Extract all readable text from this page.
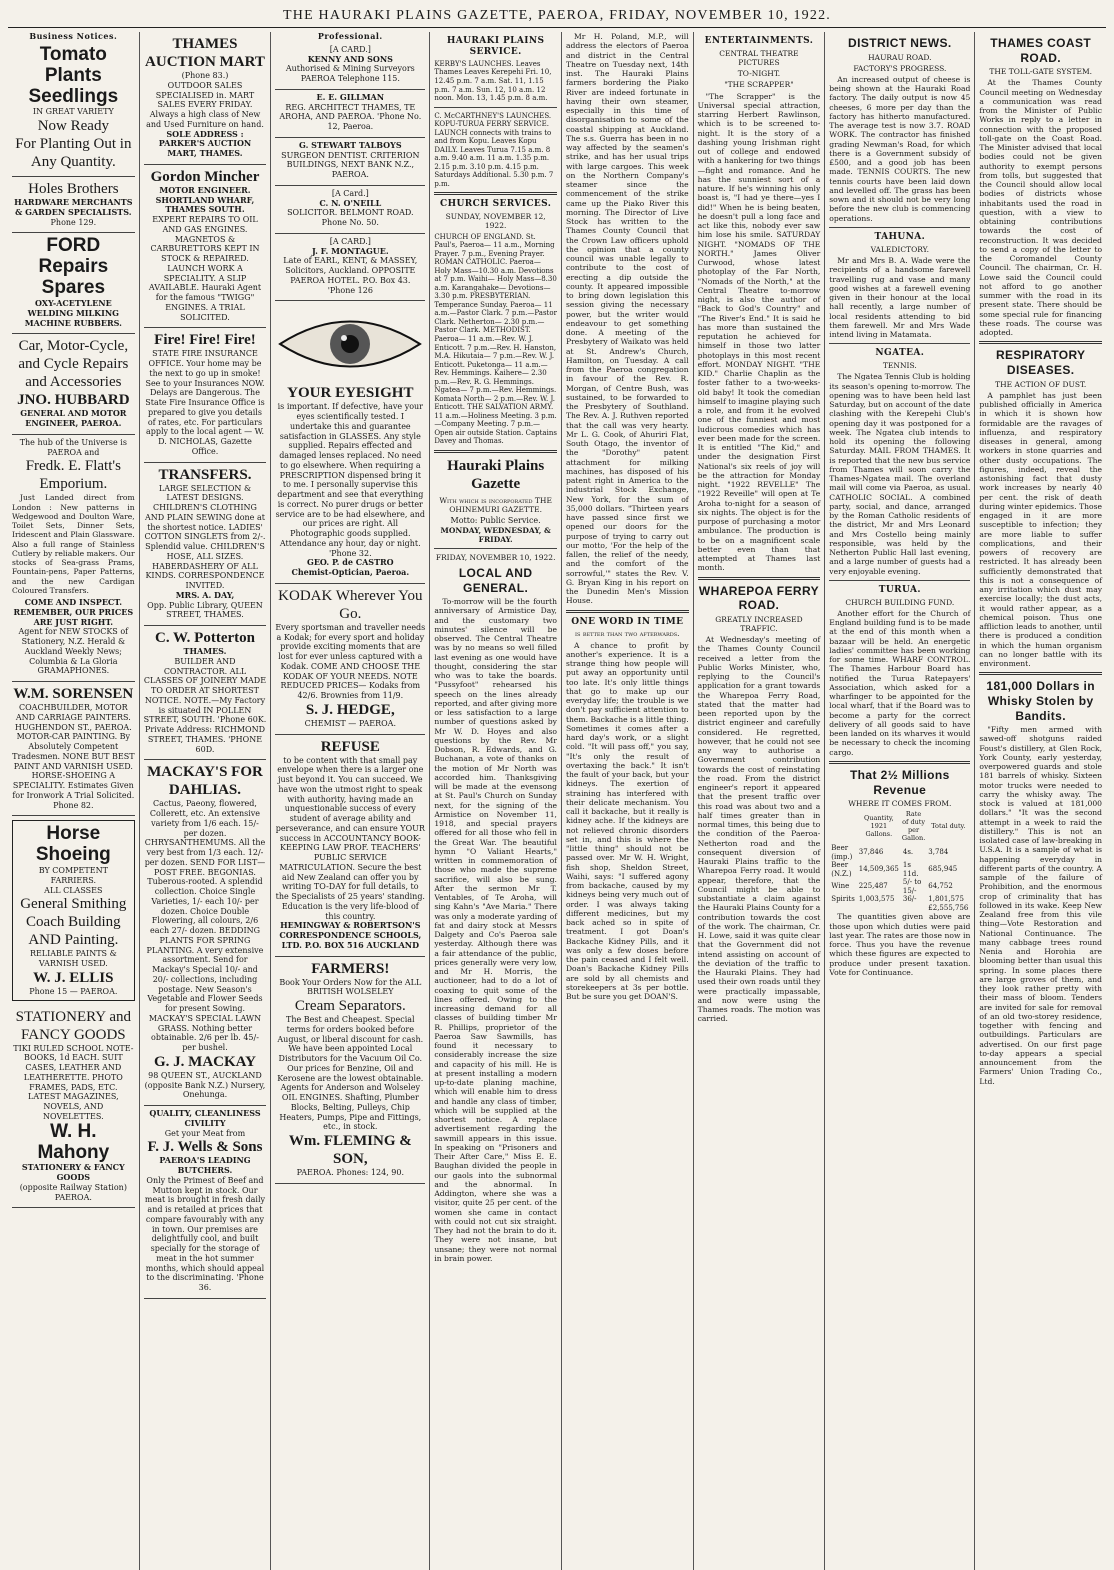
THE HAURAKI PLAINS GAZETTE, PAEROA, FRIDAY, NOVEMBER 10, 1922.
Business Notices.
Tomato Plants Seedlings
IN GREAT VARIETY
Now Ready
For Planting Out in Any Quantity.
Holes Brothers
HARDWARE MERCHANTS & GARDEN SPECIALISTS.
Phone 129.
FORD Repairs Spares
OXY-ACETYLENE WELDING MILKING MACHINE RUBBERS.
Car, Motor-Cycle, and Cycle Repairs and Accessories
JNO. HUBBARD
GENERAL AND MOTOR ENGINEER, PAEROA.
The hub of the Universe is PAEROA and
Fredk. E. Flatt's Emporium.

Just Landed direct from London : New patterns in Wedgewood and Doulton Ware, Toilet Sets, Dinner Sets, Iridescent and Plain Glassware. Also a full range of Stainless Cutlery by reliable makers. Our stocks of Sea-grass Prams, Fountain-pens, Paper Patterns, and the new Cardigan Coloured Transfers.

COME AND INSPECT. REMEMBER, OUR PRICES ARE JUST RIGHT.
Agent for NEW STOCKS of Stationery, N.Z. Herald & Auckland Weekly News; Columbia & La Gloria GRAMAPHONES.
W.M. SORENSEN
COACHBUILDER, MOTOR AND CARRIAGE PAINTERS. HUGHENDON ST., PAEROA.
MOTOR-CAR PAINTING. By Absolutely Competent Tradesmen. NONE BUT BEST PAINT AND VARNISH USED. HORSE-SHOEING A SPECIALITY. Estimates Given for Ironwork A Trial Solicited. Phone 82.
Horse Shoeing
BY COMPETENT FARRIERS.
ALL CLASSES
General Smithing
Coach Building AND Painting.
RELIABLE PAINTS & VARNISH USED.
W. J. ELLIS
Phone 15 — PAEROA.
STATIONERY and FANCY GOODS
TIKI RULED SCHOOL NOTE-BOOKS, 1d EACH. SUIT CASES, LEATHER AND LEATHERETTE. PHOTO FRAMES, PADS, ETC. LATEST MAGAZINES, NOVELS, AND NOVELETTES.
W. H. Mahony
STATIONERY & FANCY GOODS
(opposite Railway Station) PAEROA.
THAMES AUCTION MART
(Phone 83.)
OUTDOOR SALES SPECIALISED in. MART SALES EVERY FRIDAY. Always a high class of New and Used Furniture on hand.
SOLE ADDRESS : PARKER'S AUCTION MART, THAMES.
Gordon Mincher
MOTOR ENGINEER. SHORTLAND WHARF, THAMES SOUTH.
EXPERT REPAIRS TO OIL AND GAS ENGINES. MAGNETOS & CARBURETTORS KEPT IN STOCK & REPAIRED. LAUNCH WORK A SPECIALITY. A SLIP AVAILABLE. Hauraki Agent for the famous "TWIGG" ENGINES. A TRIAL SOLICITED.
Fire! Fire! Fire!
STATE FIRE INSURANCE OFFICE. Your home may be the next to go up in smoke! See to your Insurances NOW. Delays are Dangerous. The State Fire Insurance Office is prepared to give you details of rates, etc. For particulars apply to the local agent — W. D. NICHOLAS, Gazette Office.
TRANSFERS.
LARGE SELECTION & LATEST DESIGNS. CHILDREN'S CLOTHING AND PLAIN SEWING done at the shortest notice. LADIES' COTTON SINGLETS from 2/-. Splendid value. CHILDREN'S HOSE, ALL SIZES. HABERDASHERY OF ALL KINDS. CORRESPONDENCE INVITED.
MRS. A. DAY,
Opp. Public Library, QUEEN STREET, THAMES.
C. W. Potterton
THAMES.
BUILDER AND CONTRACTOR. ALL CLASSES OF JOINERY MADE TO ORDER AT SHORTEST NOTICE. NOTE.—My Factory is situated IN POLLEN STREET, SOUTH. 'Phone 60K. Private Address: RICHMOND STREET, THAMES. 'PHONE 60D.
MACKAY'S FOR DAHLIAS.
Cactus, Paeony, flowered, Collerett, etc. An extensive variety from 1/6 each. 15/- per dozen. CHRYSANTHEMUMS. All the very best from 1/3 each. 12/- per dozen. SEND FOR LIST—POST FREE. BEGONIAS. Tuberous-rooted. A splendid collection. Choice Single Varieties, 1/- each 10/- per dozen. Choice Double Flowering, all colours, 2/6 each 27/- dozen. BEDDING PLANTS FOR SPRING PLANTING. A very extensive assortment. Send for Mackay's Special 10/- and 20/- collections, including postage. New Season's Vegetable and Flower Seeds for present Sowing. MACKAY'S SPECIAL LAWN GRASS. Nothing better obtainable. 2/6 per lb. 45/- per bushel.
G. J. MACKAY
98 QUEEN ST., AUCKLAND (opposite Bank N.Z.) Nursery, Onehunga.
QUALITY, CLEANLINESS CIVILITY
Get your Meat from
F. J. Wells & Sons
PAEROA'S LEADING BUTCHERS.
Only the Primest of Beef and Mutton kept in stock. Our meat is brought in fresh daily and is retailed at prices that compare favourably with any in town. Our premises are delightfully cool, and built specially for the storage of meat in the hot summer months, which should appeal to the discriminating. 'Phone 36.
Professional.
[A CARD.]
KENNY AND SONS
Authorised & Mining Surveyors PAEROA Telephone 115.
E. E. GILLMAN
REG. ARCHITECT THAMES, TE AROHA, AND PAEROA. 'Phone No. 12, Paeroa.
G. STEWART TALBOYS
SURGEON DENTIST. CRITERION BUILDINGS, NEXT BANK N.Z., PAEROA.
[A Card.]
C. N. O'NEILL
SOLICITOR. BELMONT ROAD. Phone No. 50.
[A CARD.]
J. F. MONTAGUE.
Late of EARL, KENT, & MASSEY, Solicitors, Auckland. OPPOSITE PAEROA HOTEL. P.O. Box 43. 'Phone 126
YOUR EYESIGHT
is important. If defective, have your eyes scientifically tested. I undertake this and guarantee satisfaction in GLASSES. Any style supplied. Repairs effected and damaged lenses replaced. No need to go elsewhere. When requiring a PRESCRIPTION dispensed bring it to me. I personally supervise this department and see that everything is correct. No purer drugs or better service are to be had elsewhere, and our prices are right. All Photographic goods supplied. Attendance any hour, day or night. 'Phone 32.
GEO. P. de CASTRO
Chemist-Optician, Paeroa.
KODAK Wherever You Go.
Every sportsman and traveller needs a Kodak; for every sport and holiday provide exciting moments that are lost for ever unless captured with a Kodak. COME AND CHOOSE THE KODAK OF YOUR NEEDS. NOTE REDUCED PRICES— Kodaks from 42/6. Brownies from 11/9.
S. J. HEDGE,
CHEMIST — PAEROA.
REFUSE
to be content with that small pay envelope when there is a larger one just beyond it. You can succeed. We have won the utmost right to speak with authority, having made an unquestionable success of every student of average ability and perseverance, and can ensure YOUR success in ACCOUNTANCY BOOK-KEEPING LAW PROF. TEACHERS' PUBLIC SERVICE MATRICULATION. Secure the best aid New Zealand can offer you by writing TO-DAY for full details, to the Specialists of 25 years' standing. Education is the very life-blood of this country.
HEMINGWAY & ROBERTSON'S CORRESPONDENCE SCHOOLS, LTD. P.O. BOX 516 AUCKLAND
FARMERS!
Book Your Orders Now for the ALL BRITISH WOLSELEY
Cream Separators.
The Best and Cheapest. Special terms for orders booked before August, or liberal discount for cash. We have been appointed Local Distributors for the Vacuum Oil Co. Our prices for Benzine, Oil and Kerosene are the lowest obtainable. Agents for Anderson and Wolseley OIL ENGINES. Shafting, Plumber Blocks, Belting, Pulleys, Chip Heaters, Pumps, Pipe and Fittings, etc., in stock.
Wm. FLEMING & SON,
PAEROA. Phones: 124, 90.
HAURAKI PLAINS SERVICE.
KERBY'S LAUNCHES. Leaves Thames Leaves Kerepehi Fri. 10, 12.45 p.m. 7 a.m. Sat. 11, 1.15 p.m. 7 a.m. Sun. 12, 10 a.m. 12 noon. Mon. 13, 1.45 p.m. 8 a.m.
C. McCARTHNEY'S LAUNCHES. KOPU-TURUA FERRY SERVICE. LAUNCH connects with trains to and from Kopu. Leaves Kopu DAILY. Leaves Turua 7.15 a.m. 8 a.m. 9.40 a.m. 11 a.m. 1.35 p.m. 2.15 p.m. 3.10 p.m. 4.15 p.m. Saturdays Additional. 5.30 p.m. 7 p.m.
CHURCH SERVICES.
SUNDAY, NOVEMBER 12, 1922.
CHURCH OF ENGLAND. St. Paul's, Paeroa— 11 a.m., Morning Prayer. 7 p.m., Evening Prayer. ROMAN CATHOLIC. Paeroa— Holy Mass—10.30 a.m. Devotions at 7 p.m. Waihi— Holy Mass—8.30 a.m. Karangahake— Devotions—3.30 p.m. PRESBYTERIAN. Temperance Sunday. Paeroa— 11 a.m.—Pastor Clark. 7 p.m.—Pastor Clark. Netherton— 2.30 p.m.—Pastor Clark. METHODIST. Paeroa— 11 a.m.—Rev. W. J. Enticott. 7 p.m.—Rev. H. Hanston, M.A. Hikutaia— 7 p.m.—Rev. W. J. Enticott. Puketonga— 11 a.m.—Rev. Hemmings. Kaihere— 2.30 p.m.—Rev. R. G. Hemmings. Ngatea— 7 p.m.—Rev. Hemmings. Komata North— 2 p.m.—Rev. W. J. Enticott. THE SALVATION ARMY. 11 a.m.—Holiness Meeting. 3 p.m.—Company Meeting. 7 p.m.—Open air outside Station. Captains Davey and Thomas.
Hauraki Plains Gazette
With which is incorporated THE OHINEMURI GAZETTE.
Motto: Public Service.
MONDAY, WEDNESDAY, & FRIDAY.
FRIDAY, NOVEMBER 10, 1922.
LOCAL AND GENERAL.

To-morrow will be the fourth anniversary of Armistice Day, and the customary two minutes' silence will be observed. The Central Theatre was by no means so well filled last evening as one would have thought, considering the star who was to take the boards. "Pussyfoot" rehearsed his speech on the lines already reported, and after giving more or less satisfaction to a large number of questions asked by Mr W. D. Hoyes and also questions by the Rev. Mr Dobson, R. Edwards, and G. Buchanan, a vote of thanks on the motion of Mr North was accorded him. Thanksgiving will be made at the evensong at St. Paul's Church on Sunday next, for the signing of the Armistice on November 11, 1918, and special prayers offered for all those who fell in the Great War. The beautiful hymn "O Valiant Hearts," written in commemoration of those who made the supreme sacrifice, will also be sung. After the sermon Mr T. Ventables, of Te Aroha, will sing Kahn's "Ave Maria." There was only a moderate yarding of fat and dairy stock at Messrs Dalgety and Co's Paeroa sale yesterday. Although there was a fair attendance of the public, prices generally were very low, and Mr H. Morris, the auctioneer, had to do a lot of coaxing to quit some of the lines offered. Owing to the increasing demand for all classes of building timber Mr R. Phillips, proprietor of the Paeroa Saw Sawmills, has found it necessary to considerably increase the size and capacity of his mill. He is at present installing a modern up-to-date planing machine, which will enable him to dress and handle any class of timber, which will be supplied at the shortest notice. A replace advertisement regarding the sawmill appears in this issue. In speaking on "Prisoners and Their After Care," Miss E. E. Baughan divided the people in our gaols into the subnormal and the abnormal. In Addington, where she was a visitor, quite 25 per cent. of the women she came in contact with could not cut six straight. They had not the brain to do it. They were not insane, but unsane; they were not normal in brain power.

Mr H. Poland, M.P., will address the electors of Paeroa and district in the Central Theatre on Tuesday next, 14th inst. The Hauraki Plains farmers bordering the Piako River are indeed fortunate in having their own steamer, especially in this time of disorganisation to some of the coastal shipping at Auckland. The s.s. Guerra has been in no way affected by the seamen's strike, and has her usual trips with large cargoes. This week on the Northern Company's steamer since the commencement of the strike came up the Piako River this morning. The Director of Live Stock has written to the Thames County Council that the Crown Law officers uphold the opinion that a county council was unable legally to contribute to the cost of erecting a dip outside the county. It appeared impossible to bring down legislation this session giving the necessary power, but the writer would endeavour to get something done. A meeting of the Presbytery of Waikato was held at St. Andrew's Church, Hamilton, on Tuesday. A call from the Paeroa congregation in favour of the Rev. R. Morgan, of Centre Bush, was sustained, to be forwarded to the Presbytery of Southland. The Rev. A. J. Ruthven reported that the call was very hearty. Mr L. G. Cook, of Ahuriri Flat, South Otago, the inventor of the "Dorothy" patent attachment for milking machines, has disposed of his patent right in America to the industrial Stock Exchange, New York, for the sum of 35,000 dollars. "Thirteen years have passed since first we opened our doors for the purpose of trying to carry out our motto, 'For the help of the fallen, the relief of the needy, and the comfort of the sorrowful,'" states the Rev. V. G. Bryan King in his report on the Dunedin Men's Mission House.

ONE WORD IN TIME
is better than two afterwards.

A chance to profit by another's experience. It is a strange thing how people will put away an opportunity until too late. It's only little things that go to make up our everyday life; the trouble is we don't pay sufficient attention to them. Backache is a little thing. Sometimes it comes after a hard day's work, or a slight cold. "It will pass off," you say, "It's only the result of overtaxing the back." It isn't the fault of your back, but your kidneys. The exertion of straining has interfered with their delicate mechanism. You call it backache, but it really is kidney ache. If the kidneys are not relieved chronic disorders set in, and this is where the "little thing" should not be passed over. Mr W. H. Wright, fish shop, Sheldon Street, Waihi, says: "I suffered agony from backache, caused by my kidneys being very much out of order. I was always taking different medicines, but my back ached so in spite of treatment. I got Doan's Backache Kidney Pills, and it was only a few doses before the pain ceased and I felt well. Doan's Backache Kidney Pills are sold by all chemists and storekeepers at 3s per bottle. But be sure you get DOAN'S.

ENTERTAINMENTS.
CENTRAL THEATRE PICTURES
TO-NIGHT.
"THE SCRAPPER"

"The Scrapper" is the Universal special attraction, starring Herbert Rawlinson, which is to be screened to-night. It is the story of a dashing young Irishman right out of college and endowed with a hankering for two things—fight and romance. And he has the sunniest sort of a nature. If he's winning his only boast is, "I had ye there—yes I did!" When he is being beaten, he doesn't pull a long face and act like this, nobody ever saw him lose his smile. SATURDAY NIGHT. "NOMADS OF THE NORTH." James Oliver Curwood, whose latest photoplay of the Far North, "Nomads of the North," at the Central Theatre to-morrow night, is also the author of "Back to God's Country" and "The River's End." It is said he has more than sustained the reputation he achieved for himself in those two latter photoplays in this most recent effort. MONDAY NIGHT. "THE KID." Charlie Chaplin as the foster father to a two-weeks-old baby! It took the comedian himself to imagine playing such a role, and from it he evolved one of the funniest and most ludicrous comedies which has ever been made for the screen. It is entitled "The Kid," and under the designation First National's six reels of joy will be the attraction for Monday night. "1922 REVELLE" The "1922 Reveille" will open at Te Aroha to-night for a season of six nights. The object is for the purpose of purchasing a motor ambulance. The production is to be on a magnificent scale better even than that attempted at Thames last month.

WHAREPOA FERRY ROAD.
GREATLY INCREASED TRAFFIC.

At Wednesday's meeting of the Thames County Council received a letter from the Public Works Minister, who, replying to the Council's application for a grant towards the Wharepoa Ferry Road, stated that the matter had been reported upon by the district engineer and carefully considered. He regretted, however, that he could not see any way to authorise a Government contribution towards the cost of reinstating the road. From the district engineer's report it appeared that the present traffic over this road was about two and a half times greater than in normal times, this being due to the condition of the Paeroa-Netherton road and the consequent diversion of Hauraki Plains traffic to the Wharepoa Ferry road. It would appear, therefore, that the Council might be able to substantiate a claim against the Hauraki Plains County for a contribution towards the cost of the work. The chairman, Cr. H. Lowe, said it was quite clear that the Government did not intend assisting on account of the deviation of the traffic to the Hauraki Plains. They had used their own roads until they were practically impassable, and now were using the Thames roads. The motion was carried.

DISTRICT NEWS.
HAURAU ROAD.
FACTORY'S PROGRESS.

An increased output of cheese is being shown at the Hauraki Road factory. The daily output is now 45 cheeses, 6 more per day than the factory has hitherto manufactured. The average test is now 3.7. ROAD WORK. The contractor has finished grading Newman's Road, for which there is a Government subsidy of £500, and a good job has been made. TENNIS COURTS. The new tennis courts have been laid down and levelled off. The grass has been sown and it should not be very long before the new club is commencing operations.

TAHUNA.
VALEDICTORY.

Mr and Mrs B. A. Wade were the recipients of a handsome farewell travelling rug and vase and many good wishes at a farewell evening given in their honour at the local hall recently, a large number of local residents attending to bid them farewell. Mr and Mrs Wade intend living in Matamata.

NGATEA.
TENNIS.

The Ngatea Tennis Club is holding its season's opening to-morrow. The opening was to have been held last Saturday, but on account of the date clashing with the Kerepehi Club's opening day it was postponed for a week. The Ngatea club intends to hold its opening the following Saturday. MAIL FROM THAMES. It is reported that the new bus service from Thames will soon carry the Thames-Ngatea mail. The overland mail will come via Paeroa, as usual. CATHOLIC SOCIAL. A combined party, social, and dance, arranged by the Roman Catholic residents of the district, Mr and Mrs Leonard and Mrs Costello being mainly responsible, was held by the Netherton Public Hall last evening, and a large number of guests had a very enjoyable evening.

TURUA.
CHURCH BUILDING FUND.

Another effort for the Church of England building fund is to be made at the end of this month when a bazaar will be held. An energetic ladies' committee has been working for some time. WHARF CONTROL. The Thames Harbour Board has notified the Turua Ratepayers' Association, which asked for a wharfinger to be appointed for the local wharf, that if the Board was to become a party for the correct delivery of all goods said to have been landed on its wharves it would be necessary to check the incoming cargo.

That 2½ Millions Revenue
WHERE IT COMES FROM.
	Quantity, 1921 Gallons.	Rate of duty per Gallon.	Total duty.
Beer (imp.)	37,846	4s.	3,784
Beer (N.Z.)	14,509,365	1s 11d.	685,945
Wine	225,487	5/- to 15/-	64,752
Spirits	1,003,575	36/-	1,801,575
			£2,555,756

The quantities given above are those upon which duties were paid last year. The rates are those now in force. Thus you have the revenue which these figures are expected to produce under present taxation. Vote for Continuance.

THAMES COAST ROAD.
THE TOLL-GATE SYSTEM.

At the Thames County Council meeting on Wednesday a communication was read from the Minister of Public Works in reply to a letter in connection with the proposed toll-gate on the Coast Road. The Minister advised that local bodies could not be given authority to exempt persons from tolls, but suggested that the Council should allow local bodies of districts whose inhabitants used the road in question, with a view to obtaining contributions towards the cost of reconstruction. It was decided to send a copy of the letter to the Coromandel County Council. The chairman, Cr. H. Lowe said the Council could not afford to go another summer with the road in its present state. There should be some special rule for financing these roads. The course was adopted.

RESPIRATORY DISEASES.
THE ACTION OF DUST.

A pamphlet has just been published officially in America in which it is shown how formidable are the ravages of influenza, and respiratory diseases in general, among workers in stone quarries and other dusty occupations. The figures, indeed, reveal the astonishing fact that dusty work increases by nearly 40 per cent. the risk of death during winter epidemics. Those engaged in it are more susceptible to infection; they are more liable to suffer complications, and their powers of recovery are restricted. It has already been sufficiently demonstrated that this is not a consequence of any irritation which dust may exercise locally; the dust acts, it would rather appear, as a chemical poison. Thus one affliction leads to another, until there is produced a condition in which the human organism can no longer battle with its environment.

181,000 Dollars in Whisky Stolen by Bandits.

"Fifty men armed with sawed-off shotguns raided Foust's distillery, at Glen Rock, York County, early yesterday, overpowered guards and stole 181 barrels of whisky. Sixteen motor trucks were needed to carry the whisky away. The stock is valued at 181,000 dollars." "It was the second attempt in a week to raid the distillery." This is not an isolated case of law-breaking in U.S.A. It is a sample of what is happening everyday in different parts of the country. A sample of the failure of Prohibition, and the enormous crop of criminality that has followed in its wake. Keep New Zealand free from this vile thing—Vote Restoration and National Continuance. The many cabbage trees round Nenia and Horohia are blooming better than usual this spring. In some places there are large groves of them, and they look rather pretty with their mass of bloom. Tenders are invited for sale for removal of an old two-storey residence, together with fencing and outbuildings. Particulars are advertised. On our first page to-day appears a special announcement from the Farmers' Union Trading Co., Ltd.
